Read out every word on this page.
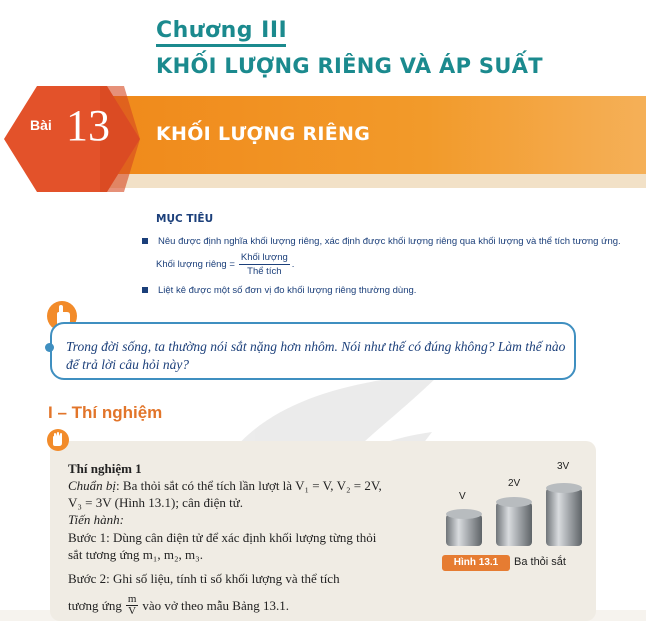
Chương III
KHỐI LƯỢNG RIÊNG VÀ ÁP SUẤT
Bài 13 KHỐI LƯỢNG RIÊNG
MỤC TIÊU
Nêu được định nghĩa khối lượng riêng, xác định được khối lượng riêng qua khối lượng và thể tích tương ứng.
Khối lượng riêng = $\frac{\text{Khối lượng}}{\text{Thể tích}}$ .
Liệt kê được một số đơn vị đo khối lượng riêng thường dùng.
Trong đời sống, ta thường nói sắt nặng hơn nhôm. Nói như thế có đúng không? Làm thế nào để trả lời câu hỏi này?
I – Thí nghiệm
Thí nghiệm 1
Chuẩn bị: Ba thỏi sắt có thể tích lần lượt là V₁ = V, V₂ = 2V,
V₃ = 3V (Hình 13.1); cân điện tử.
Tiến hành:
Bước 1: Dùng cân điện tử để xác định khối lượng từng thỏi
sắt tương ứng m₁, m₂, m₃.
Bước 2: Ghi số liệu, tính tỉ số khối lượng và thể tích
tương ứng $\frac{m}{V}$ vào vở theo mẫu Bảng 13.1.
V
2V
3V
Hình 13.1	Ba thỏi sắt
